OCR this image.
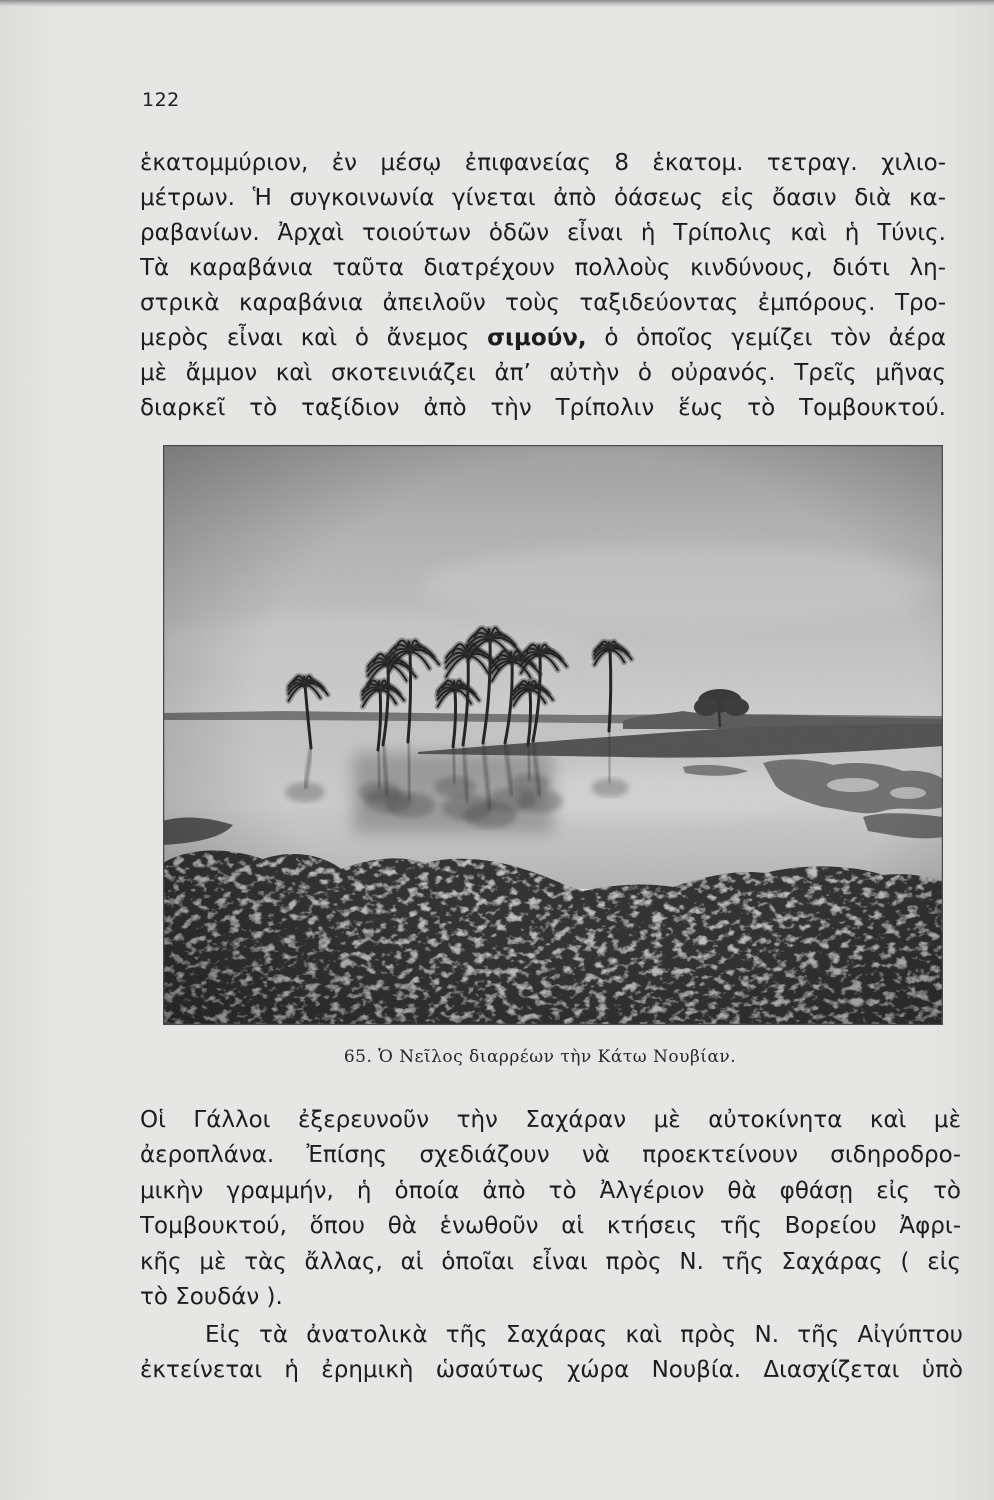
122
ἑκατομμύριον, ἐν μέσῳ ἐπιφανείας 8 ἑκατομ. τετραγ. χιλιο-
μέτρων. Ἡ συγκοινωνία γίνεται ἀπὸ ὀάσεως εἰς ὄασιν διὰ κα-
ραβανίων. Ἀρχαὶ τοιούτων ὁδῶν εἶναι ἡ Τρίπολις καὶ ἡ Τύνις.
Τὰ καραβάνια ταῦτα διατρέχουν πολλοὺς κινδύνους, διότι λη-
στρικὰ καραβάνια ἀπειλοῦν τοὺς ταξιδεύοντας ἐμπόρους. Τρο-
μερὸς εἶναι καὶ ὁ ἄνεμος σιμούν, ὁ ὁποῖος γεμίζει τὸν ἀέρα
μὲ ἄμμον καὶ σκοτεινιάζει ἀπ’ αὐτὴν ὁ οὐρανός. Τρεῖς μῆνας
διαρκεῖ τὸ ταξίδιον ἀπὸ τὴν Τρίπολιν ἕως τὸ Τομβουκτού.
65. Ὁ Νεῖλος διαρρέων τὴν Κάτω Νουβίαν.
Οἱ Γάλλοι ἐξερευνοῦν τὴν Σαχάραν μὲ αὐτοκίνητα καὶ μὲ
ἀεροπλάνα. Ἐπίσης σχεδιάζουν νὰ προεκτείνουν σιδηροδρο-
μικὴν γραμμήν, ἡ ὁποία ἀπὸ τὸ Ἀλγέριον θὰ φθάσῃ εἰς τὸ
Τομβουκτού, ὅπου θὰ ἑνωθοῦν αἱ κτήσεις τῆς Βορείου Ἀφρι-
κῆς μὲ τὰς ἄλλας, αἱ ὁποῖαι εἶναι πρὸς Ν. τῆς Σαχάρας ( εἰς
τὸ Σουδάν ).
Εἰς τὰ ἀνατολικὰ τῆς Σαχάρας καὶ πρὸς Ν. τῆς Αἰγύπτου
ἐκτείνεται ἡ ἐρημικὴ ὡσαύτως χώρα Νουβία. Διασχίζεται ὑπὸ
